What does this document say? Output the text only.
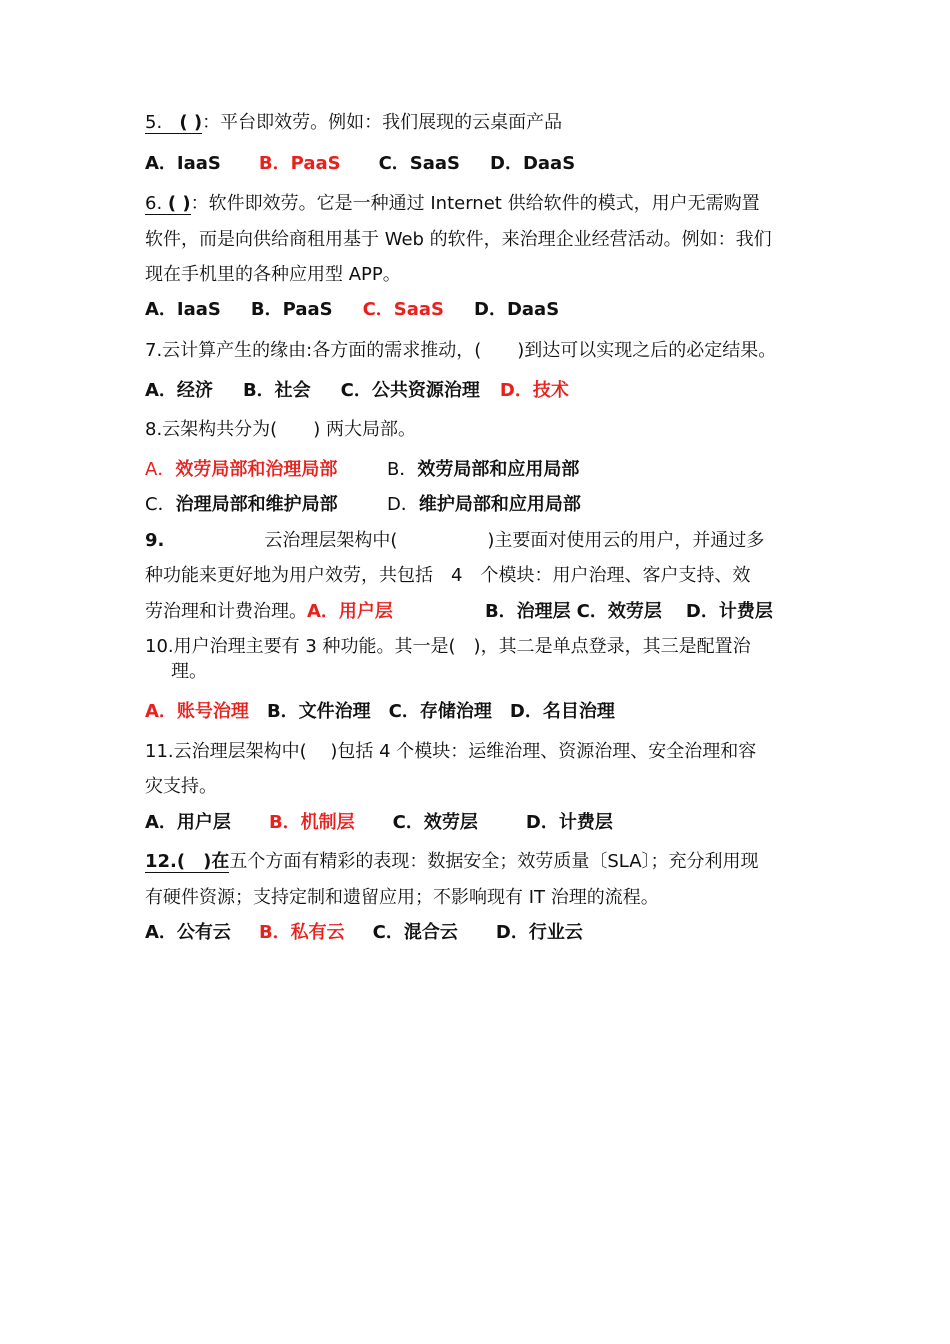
5. ( )：平台即效劳。例如：我们展现的云桌面产品
A．IaaS B．PaaS C．SaaS D．DaaS
6. ( )：软件即效劳。它是一种通过 Internet 供给软件的模式，用户无需购置
软件，而是向供给商租用基于 Web 的软件，来治理企业经营活动。例如：我们
现在手机里的各种应用型 APP。
A．IaaS B．PaaS C．SaaS D．DaaS
7.云计算产生的缘由:各方面的需求推动，(　　)到达可以实现之后的必定结果。
A．经济 B．社会 C．公共资源治理 D．技术
8.云架构共分为(　　) 两大局部。
A．效劳局部和治理局部	B．效劳局部和应用局部
C．治理局部和维护局部	D．维护局部和应用局部
9.	云治理层架构中(　　　　　)主要面对使用云的用户，并通过多
种功能来更好地为用户效劳，共包括　4　个模块：用户治理、客户支持、效
劳治理和计费治理。A．用户层	B．治理层 C．效劳层 D．计费层
10.用户治理主要有 3 种功能。其一是(　)，其二是单点登录，其三是配置治
理。
A．账号治理 B．文件治理 C．存储治理 D．名目治理
11.云治理层架构中(　 )包括 4 个模块：运维治理、资源治理、安全治理和容
灾支持。
A．用户层 B．机制层 C．效劳层	D．计费层
12.(　)在五个方面有精彩的表现：数据安全；效劳质量〔SLA〕；充分利用现
有硬件资源；支持定制和遗留应用；不影响现有 IT 治理的流程。
A．公有云 B．私有云 C．混合云 D．行业云
